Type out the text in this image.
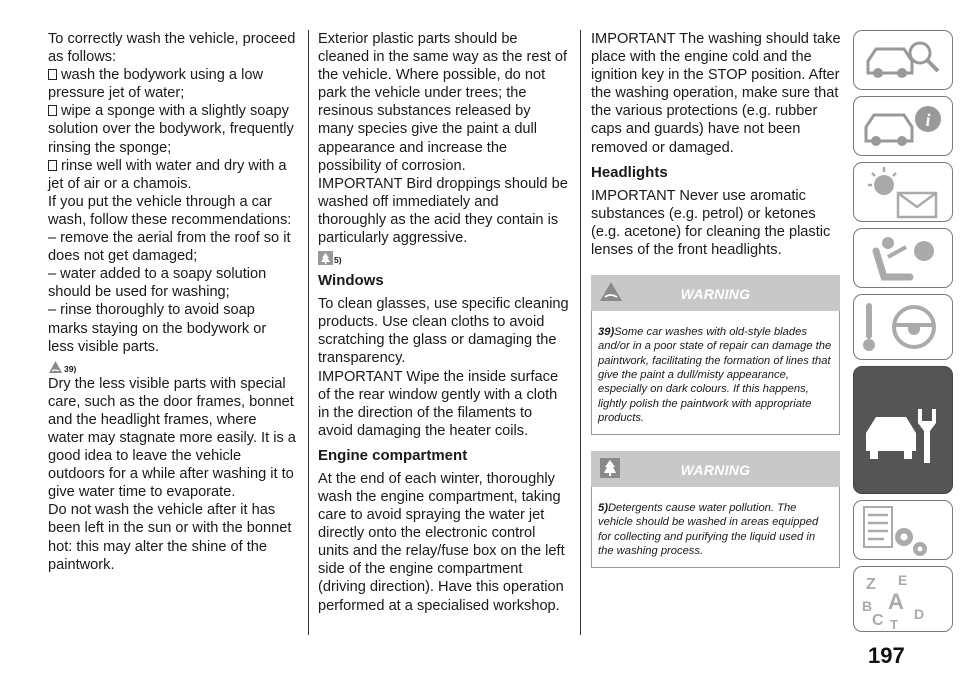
To correctly wash the vehicle, proceed as follows:

wash the bodywork using a low pressure jet of water;

wipe a sponge with a slightly soapy solution over the bodywork, frequently rinsing the sponge;

rinse well with water and dry with a jet of air or a chamois.

If you put the vehicle through a car wash, follow these recommendations:

– remove the aerial from the roof so it does not get damaged;

– water added to a soapy solution should be used for washing;

– rinse thoroughly to avoid soap marks staying on the bodywork or less visible parts.

39)

Dry the less visible parts with special care, such as the door frames, bonnet and the headlight frames, where water may stagnate more easily. It is a good idea to leave the vehicle outdoors for a while after washing it to give water time to evaporate.

Do not wash the vehicle after it has been left in the sun or with the bonnet hot: this may alter the shine of the paintwork.

Exterior plastic parts should be cleaned in the same way as the rest of the vehicle. Where possible, do not park the vehicle under trees; the resinous substances released by many species give the paint a dull appearance and increase the possibility of corrosion.

IMPORTANT Bird droppings should be washed off immediately and thoroughly as the acid they contain is particularly aggressive.

5)
Windows

To clean glasses, use specific cleaning products. Use clean cloths to avoid scratching the glass or damaging the transparency.

IMPORTANT Wipe the inside surface of the rear window gently with a cloth in the direction of the filaments to avoid damaging the heater coils.

Engine compartment

At the end of each winter, thoroughly wash the engine compartment, taking care to avoid spraying the water jet directly onto the electronic control units and the relay/fuse box on the left side of the engine compartment (driving direction). Have this operation performed at a specialised workshop.

IMPORTANT The washing should take place with the engine cold and the ignition key in the STOP position. After the washing operation, make sure that the various protections (e.g. rubber caps and guards) have not been removed or damaged.

Headlights

IMPORTANT Never use aromatic substances (e.g. petrol) or ketones (e.g. acetone) for cleaning the plastic lenses of the front headlights.

WARNING
39)Some car washes with old-style blades and/or in a poor state of repair can damage the paintwork, facilitating the formation of lines that give the paint a dull/misty appearance, especially on dark colours. If this happens, lightly polish the paintwork with appropriate products.
WARNING
5)Detergents cause water pollution. The vehicle should be washed in areas equipped for collecting and purifying the liquid used in the washing process.
i
Z E
B A
C D
T
197
